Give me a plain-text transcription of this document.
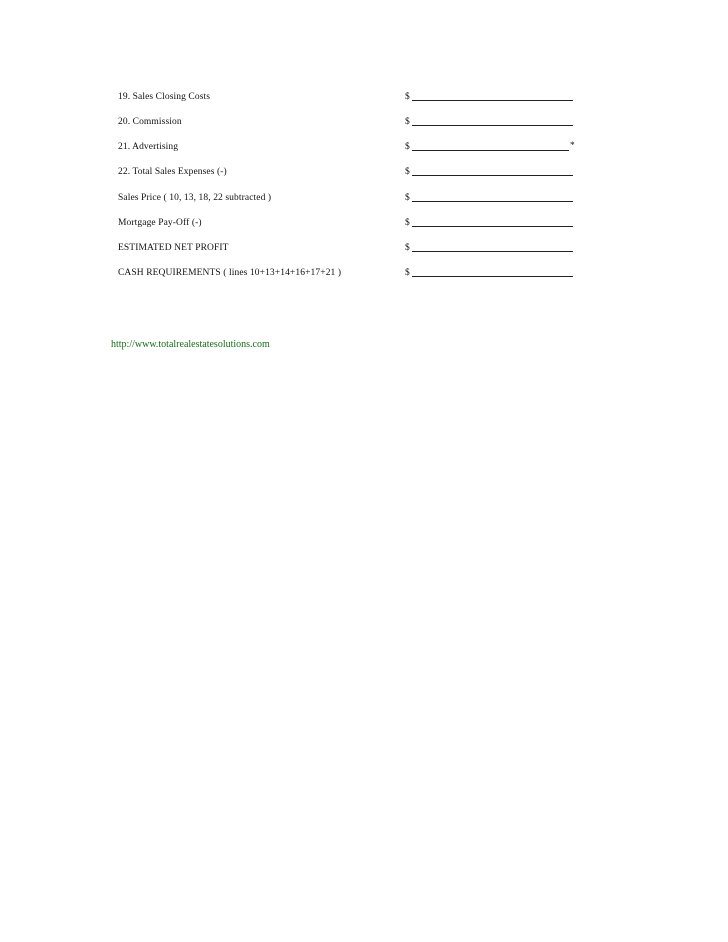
19. Sales Closing Costs	$
20. Commission	$
21. Advertising	$	*
22. Total Sales Expenses (-)	$
Sales Price ( 10, 13, 18, 22 subtracted )	$
Mortgage Pay-Off (-)	$
ESTIMATED NET PROFIT	$
CASH REQUIREMENTS ( lines 10+13+14+16+17+21 )	$
http://www.totalrealestatesolutions.com
